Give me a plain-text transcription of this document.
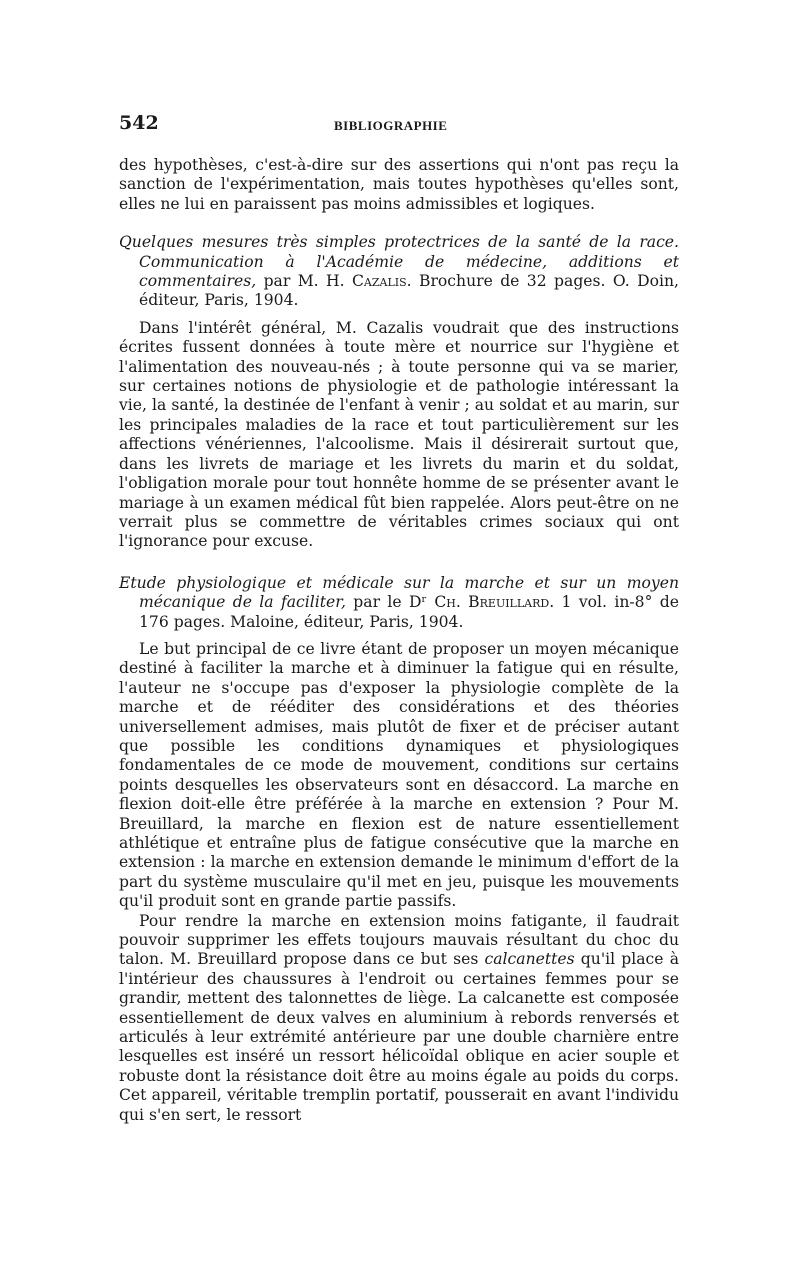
542	BIBLIOGRAPHIE

des hypothèses, c'est-à-dire sur des assertions qui n'ont pas reçu la sanction de l'expérimentation, mais toutes hypothèses qu'elles sont, elles ne lui en paraissent pas moins admissibles et logiques.

Quelques mesures très simples protectrices de la santé de la race. Communication à l'Académie de médecine, additions et commentaires, par M. H. Cazalis. Brochure de 32 pages. O. Doin, éditeur, Paris, 1904.

Dans l'intérêt général, M. Cazalis voudrait que des instructions écrites fussent données à toute mère et nourrice sur l'hygiène et l'alimentation des nouveau-nés ; à toute personne qui va se marier, sur certaines notions de physiologie et de pathologie intéressant la vie, la santé, la destinée de l'enfant à venir ; au soldat et au marin, sur les principales maladies de la race et tout particulièrement sur les affections vénériennes, l'alcoolisme. Mais il désirerait surtout que, dans les livrets de mariage et les livrets du marin et du soldat, l'obligation morale pour tout honnête homme de se présenter avant le mariage à un examen médical fût bien rappelée. Alors peut-être on ne verrait plus se commettre de véritables crimes sociaux qui ont l'ignorance pour excuse.

Etude physiologique et médicale sur la marche et sur un moyen mécanique de la faciliter, par le Dʳ Ch. Breuillard. 1 vol. in-8° de 176 pages. Maloine, éditeur, Paris, 1904.

Le but principal de ce livre étant de proposer un moyen mécanique destiné à faciliter la marche et à diminuer la fatigue qui en résulte, l'auteur ne s'occupe pas d'exposer la physiologie complète de la marche et de rééditer des considérations et des théories universellement admises, mais plutôt de fixer et de préciser autant que possible les conditions dynamiques et physiologiques fondamentales de ce mode de mouvement, conditions sur certains points desquelles les observateurs sont en désaccord. La marche en flexion doit-elle être préférée à la marche en extension ? Pour M. Breuillard, la marche en flexion est de nature essentiellement athlétique et entraîne plus de fatigue consécutive que la marche en extension : la marche en extension demande le minimum d'effort de la part du système musculaire qu'il met en jeu, puisque les mouvements qu'il produit sont en grande partie passifs.

Pour rendre la marche en extension moins fatigante, il faudrait pouvoir supprimer les effets toujours mauvais résultant du choc du talon. M. Breuillard propose dans ce but ses calcanettes qu'il place à l'intérieur des chaussures à l'endroit ou certaines femmes pour se grandir, mettent des talonnettes de liège. La calcanette est composée essentiellement de deux valves en aluminium à rebords renversés et articulés à leur extrémité antérieure par une double charnière entre lesquelles est inséré un ressort hélicoïdal oblique en acier souple et robuste dont la résistance doit être au moins égale au poids du corps. Cet appareil, véritable tremplin portatif, pousserait en avant l'individu qui s'en sert, le ressort
